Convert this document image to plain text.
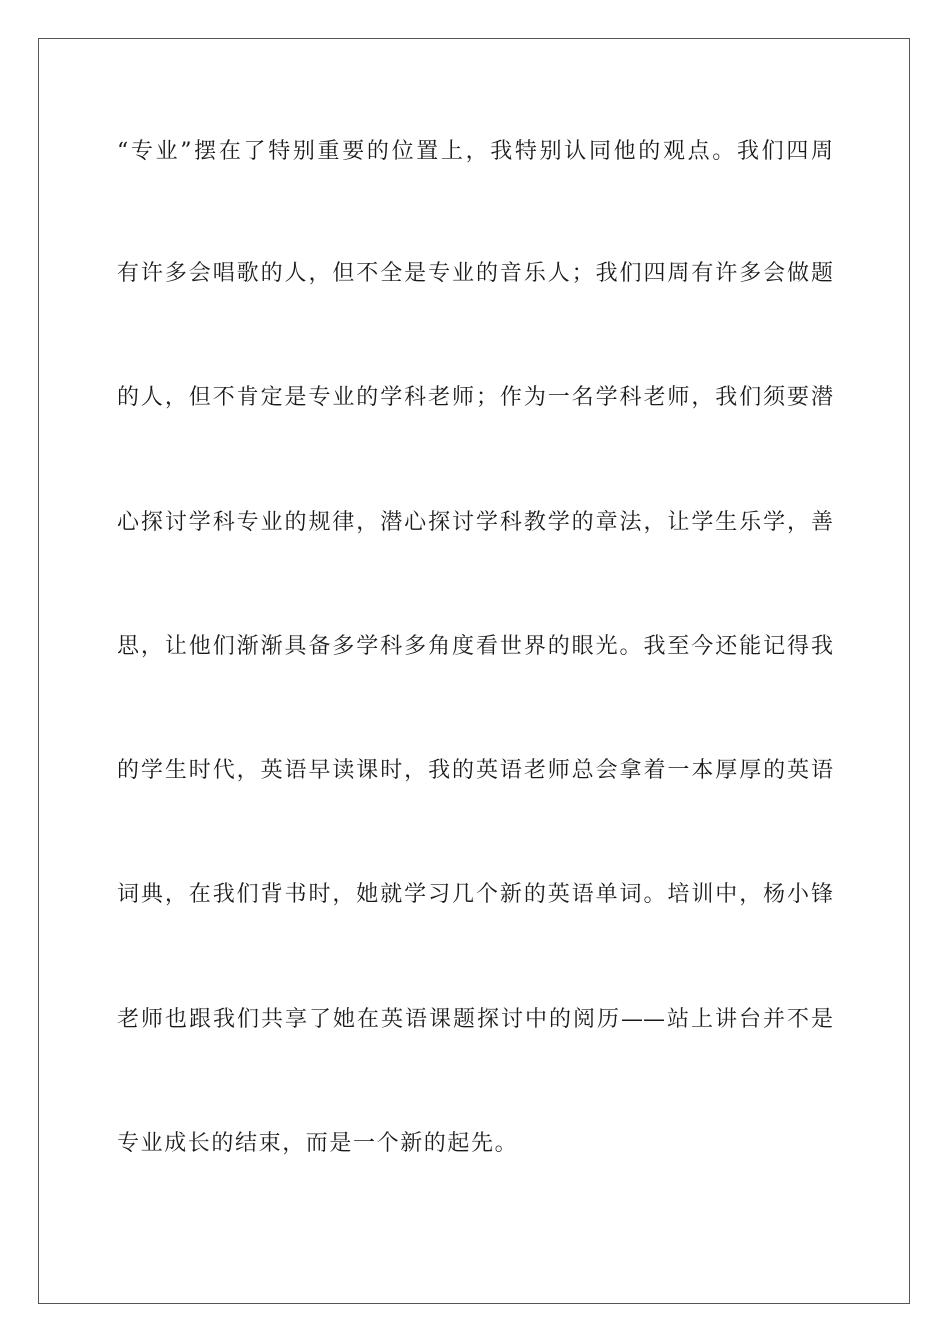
“专业”摆在了特别重要的位置上，我特别认同他的观点。我们四周
有许多会唱歌的人，但不全是专业的音乐人；我们四周有许多会做题
的人，但不肯定是专业的学科老师；作为一名学科老师，我们须要潜
心探讨学科专业的规律，潜心探讨学科教学的章法，让学生乐学，善
思，让他们渐渐具备多学科多角度看世界的眼光。我至今还能记得我
的学生时代，英语早读课时，我的英语老师总会拿着一本厚厚的英语
词典，在我们背书时，她就学习几个新的英语单词。培训中，杨小锋
老师也跟我们共享了她在英语课题探讨中的阅历——站上讲台并不是
专业成长的结束，而是一个新的起先。
